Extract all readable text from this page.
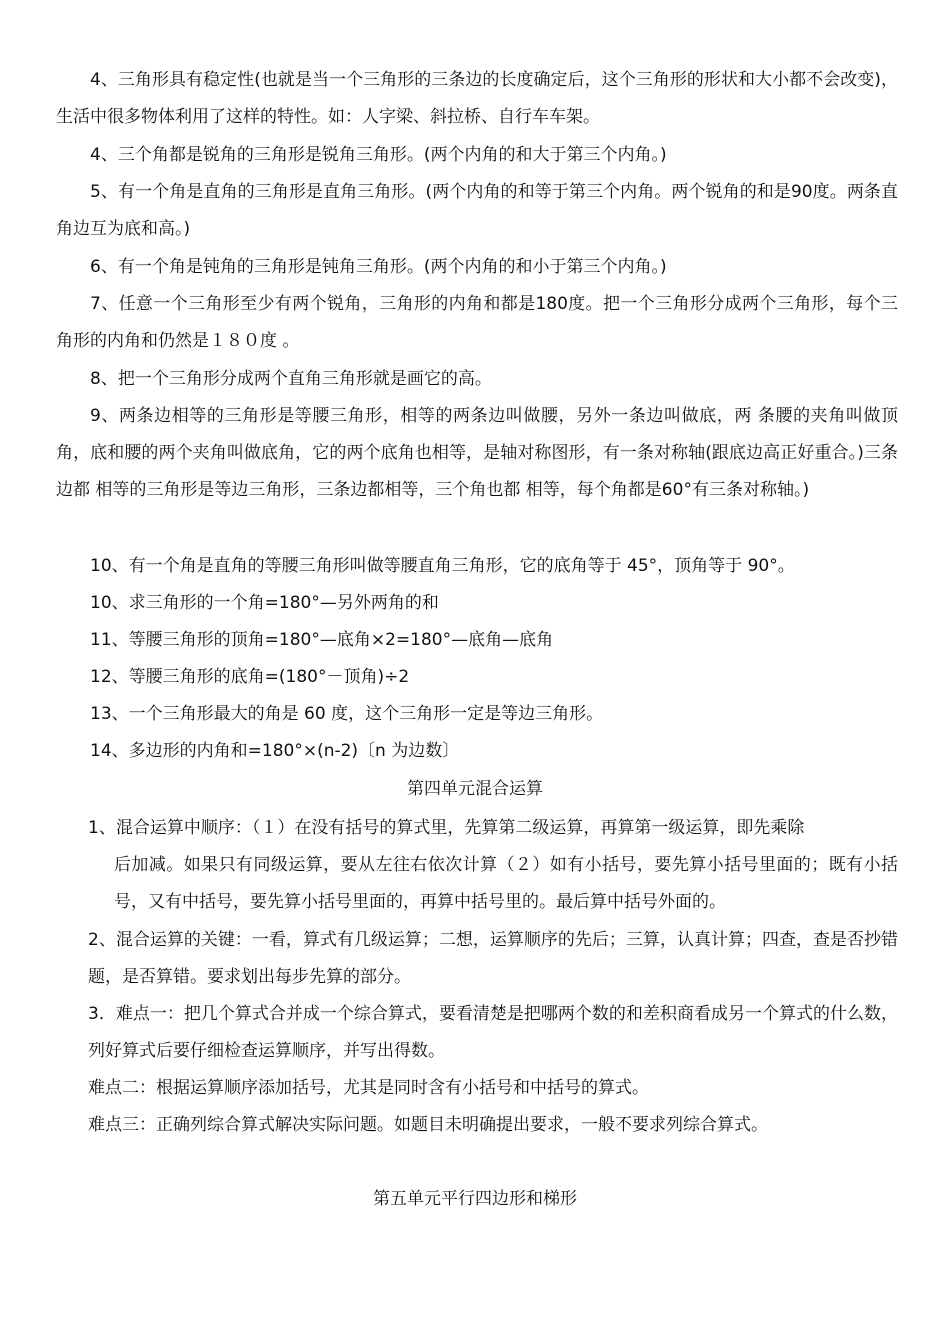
4、三角形具有稳定性(也就是当一个三角形的三条边的长度确定后，这个三角形的形状和大小都不会改变)，生活中很多物体利用了这样的特性。如：人字梁、斜拉桥、自行车车架。

4、三个角都是锐角的三角形是锐角三角形。(两个内角的和大于第三个内角。)

5、有一个角是直角的三角形是直角三角形。(两个内角的和等于第三个内角。两个锐角的和是90度。两条直角边互为底和高。)

6、有一个角是钝角的三角形是钝角三角形。(两个内角的和小于第三个内角。)

7、任意一个三角形至少有两个锐角，三角形的内角和都是180度。把一个三角形分成两个三角形，每个三角形的内角和仍然是１８０度 。

8、把一个三角形分成两个直角三角形就是画它的高。

9、两条边相等的三角形是等腰三角形，相等的两条边叫做腰，另外一条边叫做底，两 条腰的夹角叫做顶角，底和腰的两个夹角叫做底角，它的两个底角也相等，是轴对称图形，有一条对称轴(跟底边高正好重合。)三条边都 相等的三角形是等边三角形，三条边都相等，三个角也都 相等，每个角都是60°有三条对称轴。)

10、有一个角是直角的等腰三角形叫做等腰直角三角形，它的底角等于 45°，顶角等于 90°。

10、求三角形的一个角=180°—另外两角的和

11、等腰三角形的顶角=180°—底角×2=180°—底角—底角

12、等腰三角形的底角=(180°－顶角)÷2

13、一个三角形最大的角是 60 度，这个三角形一定是等边三角形。

14、多边形的内角和=180°×(n-2)〔n 为边数〕

第四单元混合运算
1、混合运算中顺序：（１）在没有括号的算式里，先算第二级运算，再算第一级运算，即先乘除
后加减。如果只有同级运算，要从左往右依次计算（２）如有小括号，要先算小括号里面的；既有小括号，又有中括号，要先算小括号里面的，再算中括号里的。最后算中括号外面的。

2、混合运算的关键：一看，算式有几级运算；二想，运算顺序的先后；三算，认真计算；四查，查是否抄错题，是否算错。要求划出每步先算的部分。

3．难点一：把几个算式合并成一个综合算式，要看清楚是把哪两个数的和差积商看成另一个算式的什么数，列好算式后要仔细检查运算顺序，并写出得数。

难点二：根据运算顺序添加括号，尤其是同时含有小括号和中括号的算式。

难点三：正确列综合算式解决实际问题。如题目未明确提出要求，一般不要求列综合算式。

第五单元平行四边形和梯形
